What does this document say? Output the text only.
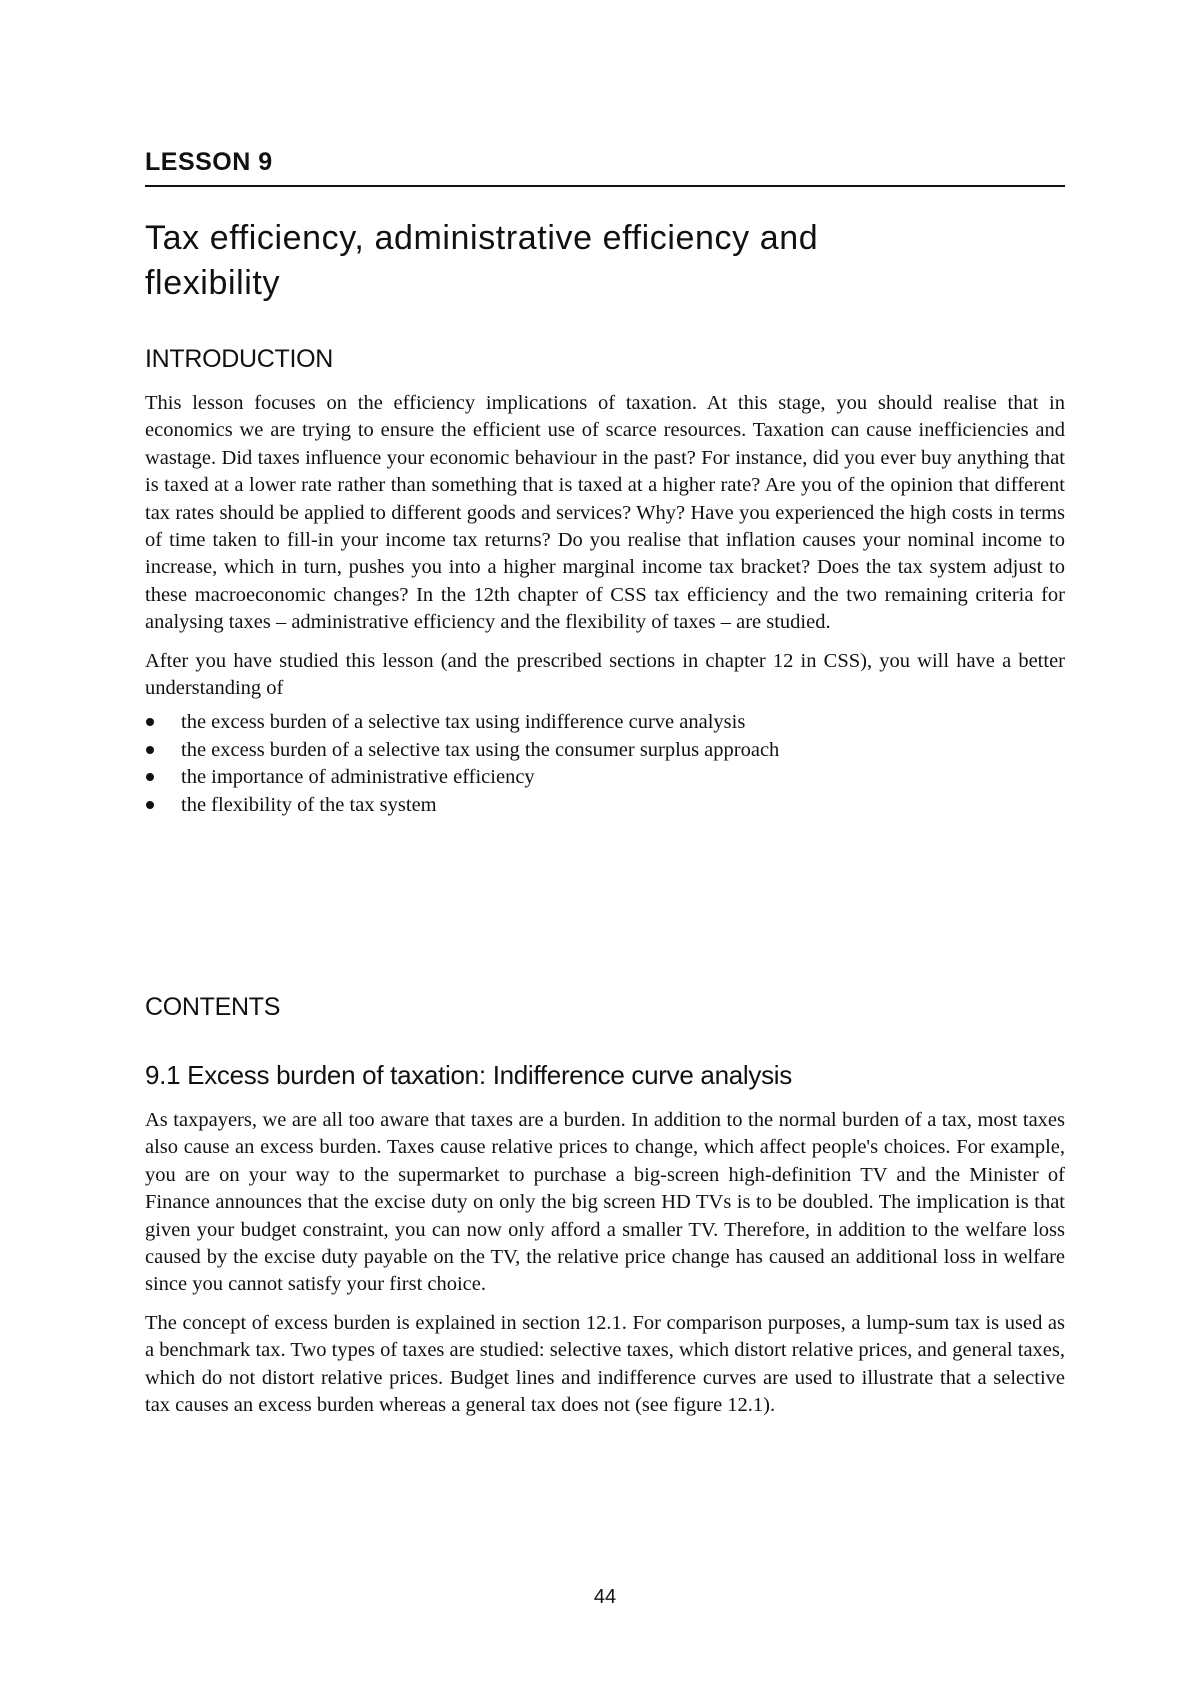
LESSON 9
Tax efficiency, administrative efficiency and flexibility
INTRODUCTION

This lesson focuses on the efficiency implications of taxation. At this stage, you should realise that in economics we are trying to ensure the efficient use of scarce resources. Taxation can cause inefficiencies and wastage. Did taxes influence your economic behaviour in the past? For instance, did you ever buy anything that is taxed at a lower rate rather than something that is taxed at a higher rate? Are you of the opinion that different tax rates should be applied to different goods and services? Why? Have you experienced the high costs in terms of time taken to fill-in your income tax returns? Do you realise that inflation causes your nominal income to increase, which in turn, pushes you into a higher marginal income tax bracket? Does the tax system adjust to these macroeconomic changes? In the 12th chapter of CSS tax efficiency and the two remaining criteria for analysing taxes – administrative efficiency and the flexibility of taxes – are studied.

After you have studied this lesson (and the prescribed sections in chapter 12 in CSS), you will have a better understanding of

the excess burden of a selective tax using indifference curve analysis
the excess burden of a selective tax using the consumer surplus approach
the importance of administrative efficiency
the flexibility of the tax system
CONTENTS
9.1 Excess burden of taxation: Indifference curve analysis

As taxpayers, we are all too aware that taxes are a burden. In addition to the normal burden of a tax, most taxes also cause an excess burden. Taxes cause relative prices to change, which affect people's choices. For example, you are on your way to the supermarket to purchase a big-screen high-definition TV and the Minister of Finance announces that the excise duty on only the big screen HD TVs is to be doubled. The implication is that given your budget constraint, you can now only afford a smaller TV. Therefore, in addition to the welfare loss caused by the excise duty payable on the TV, the relative price change has caused an additional loss in welfare since you cannot satisfy your first choice.

The concept of excess burden is explained in section 12.1. For comparison purposes, a lump-sum tax is used as a benchmark tax. Two types of taxes are studied: selective taxes, which distort relative prices, and general taxes, which do not distort relative prices. Budget lines and indifference curves are used to illustrate that a selective tax causes an excess burden whereas a general tax does not (see figure 12.1).

44
